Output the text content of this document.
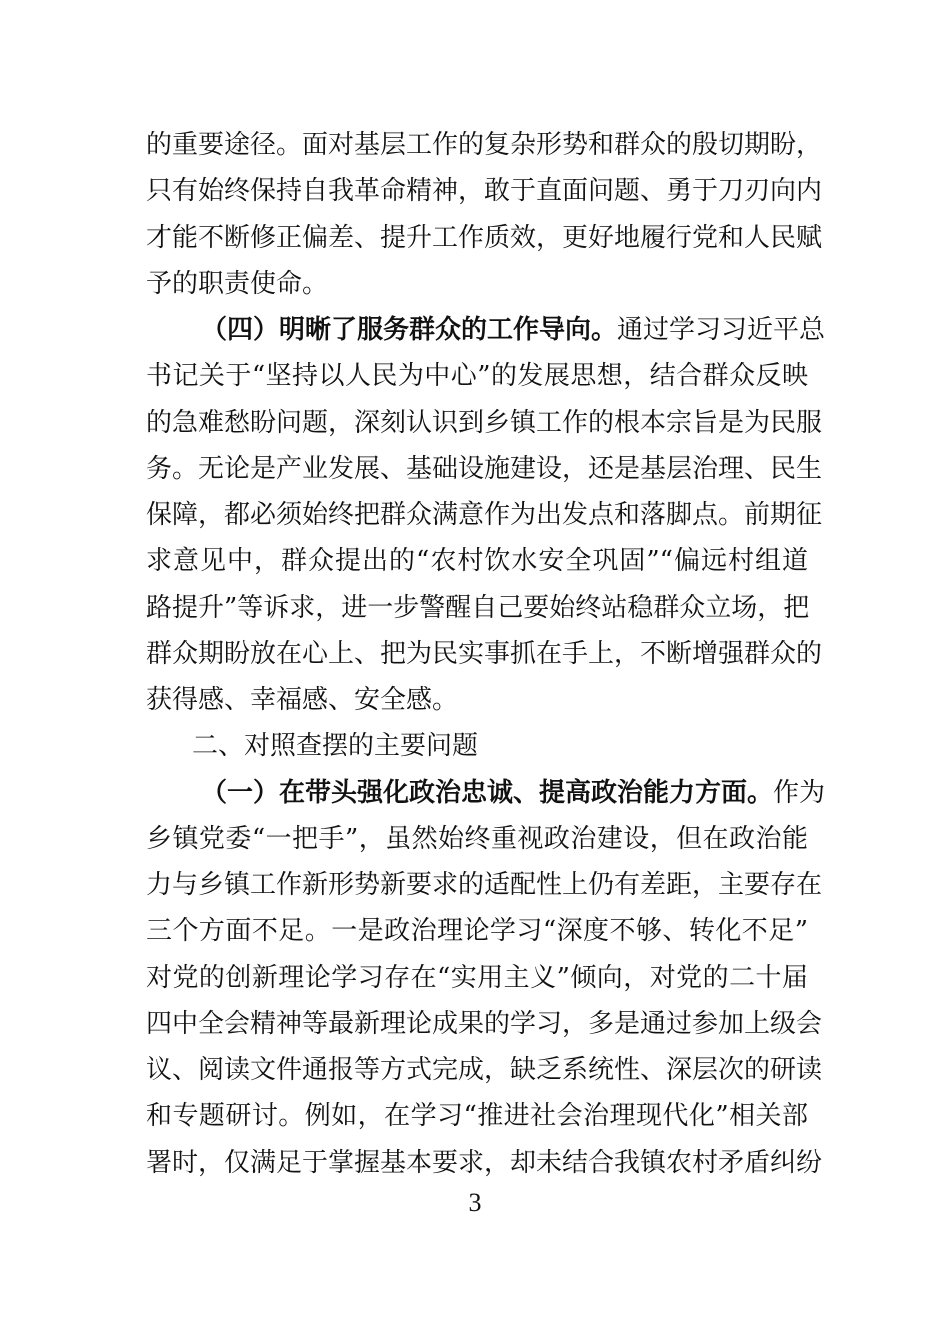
的重要途径。面对基层工作的复杂形势和群众的殷切期盼，
只有始终保持自我革命精神，敢于直面问题、勇于刀刃向内
才能不断修正偏差、提升工作质效，更好地履行党和人民赋
予的职责使命。
（四）明晰了服务群众的工作导向。通过学习习近平总
书记关于“坚持以人民为中心”的发展思想，结合群众反映
的急难愁盼问题，深刻认识到乡镇工作的根本宗旨是为民服
务。无论是产业发展、基础设施建设，还是基层治理、民生
保障，都必须始终把群众满意作为出发点和落脚点。前期征
求意见中，群众提出的“农村饮水安全巩固”“偏远村组道
路提升”等诉求，进一步警醒自己要始终站稳群众立场，把
群众期盼放在心上、把为民实事抓在手上，不断增强群众的
获得感、幸福感、安全感。
二、对照查摆的主要问题
（一）在带头强化政治忠诚、提高政治能力方面。作为
乡镇党委“一把手”，虽然始终重视政治建设，但在政治能
力与乡镇工作新形势新要求的适配性上仍有差距，主要存在
三个方面不足。一是政治理论学习“深度不够、转化不足”
对党的创新理论学习存在“实用主义”倾向，对党的二十届
四中全会精神等最新理论成果的学习，多是通过参加上级会
议、阅读文件通报等方式完成，缺乏系统性、深层次的研读
和专题研讨。例如，在学习“推进社会治理现代化”相关部
署时，仅满足于掌握基本要求，却未结合我镇农村矛盾纠纷
3
